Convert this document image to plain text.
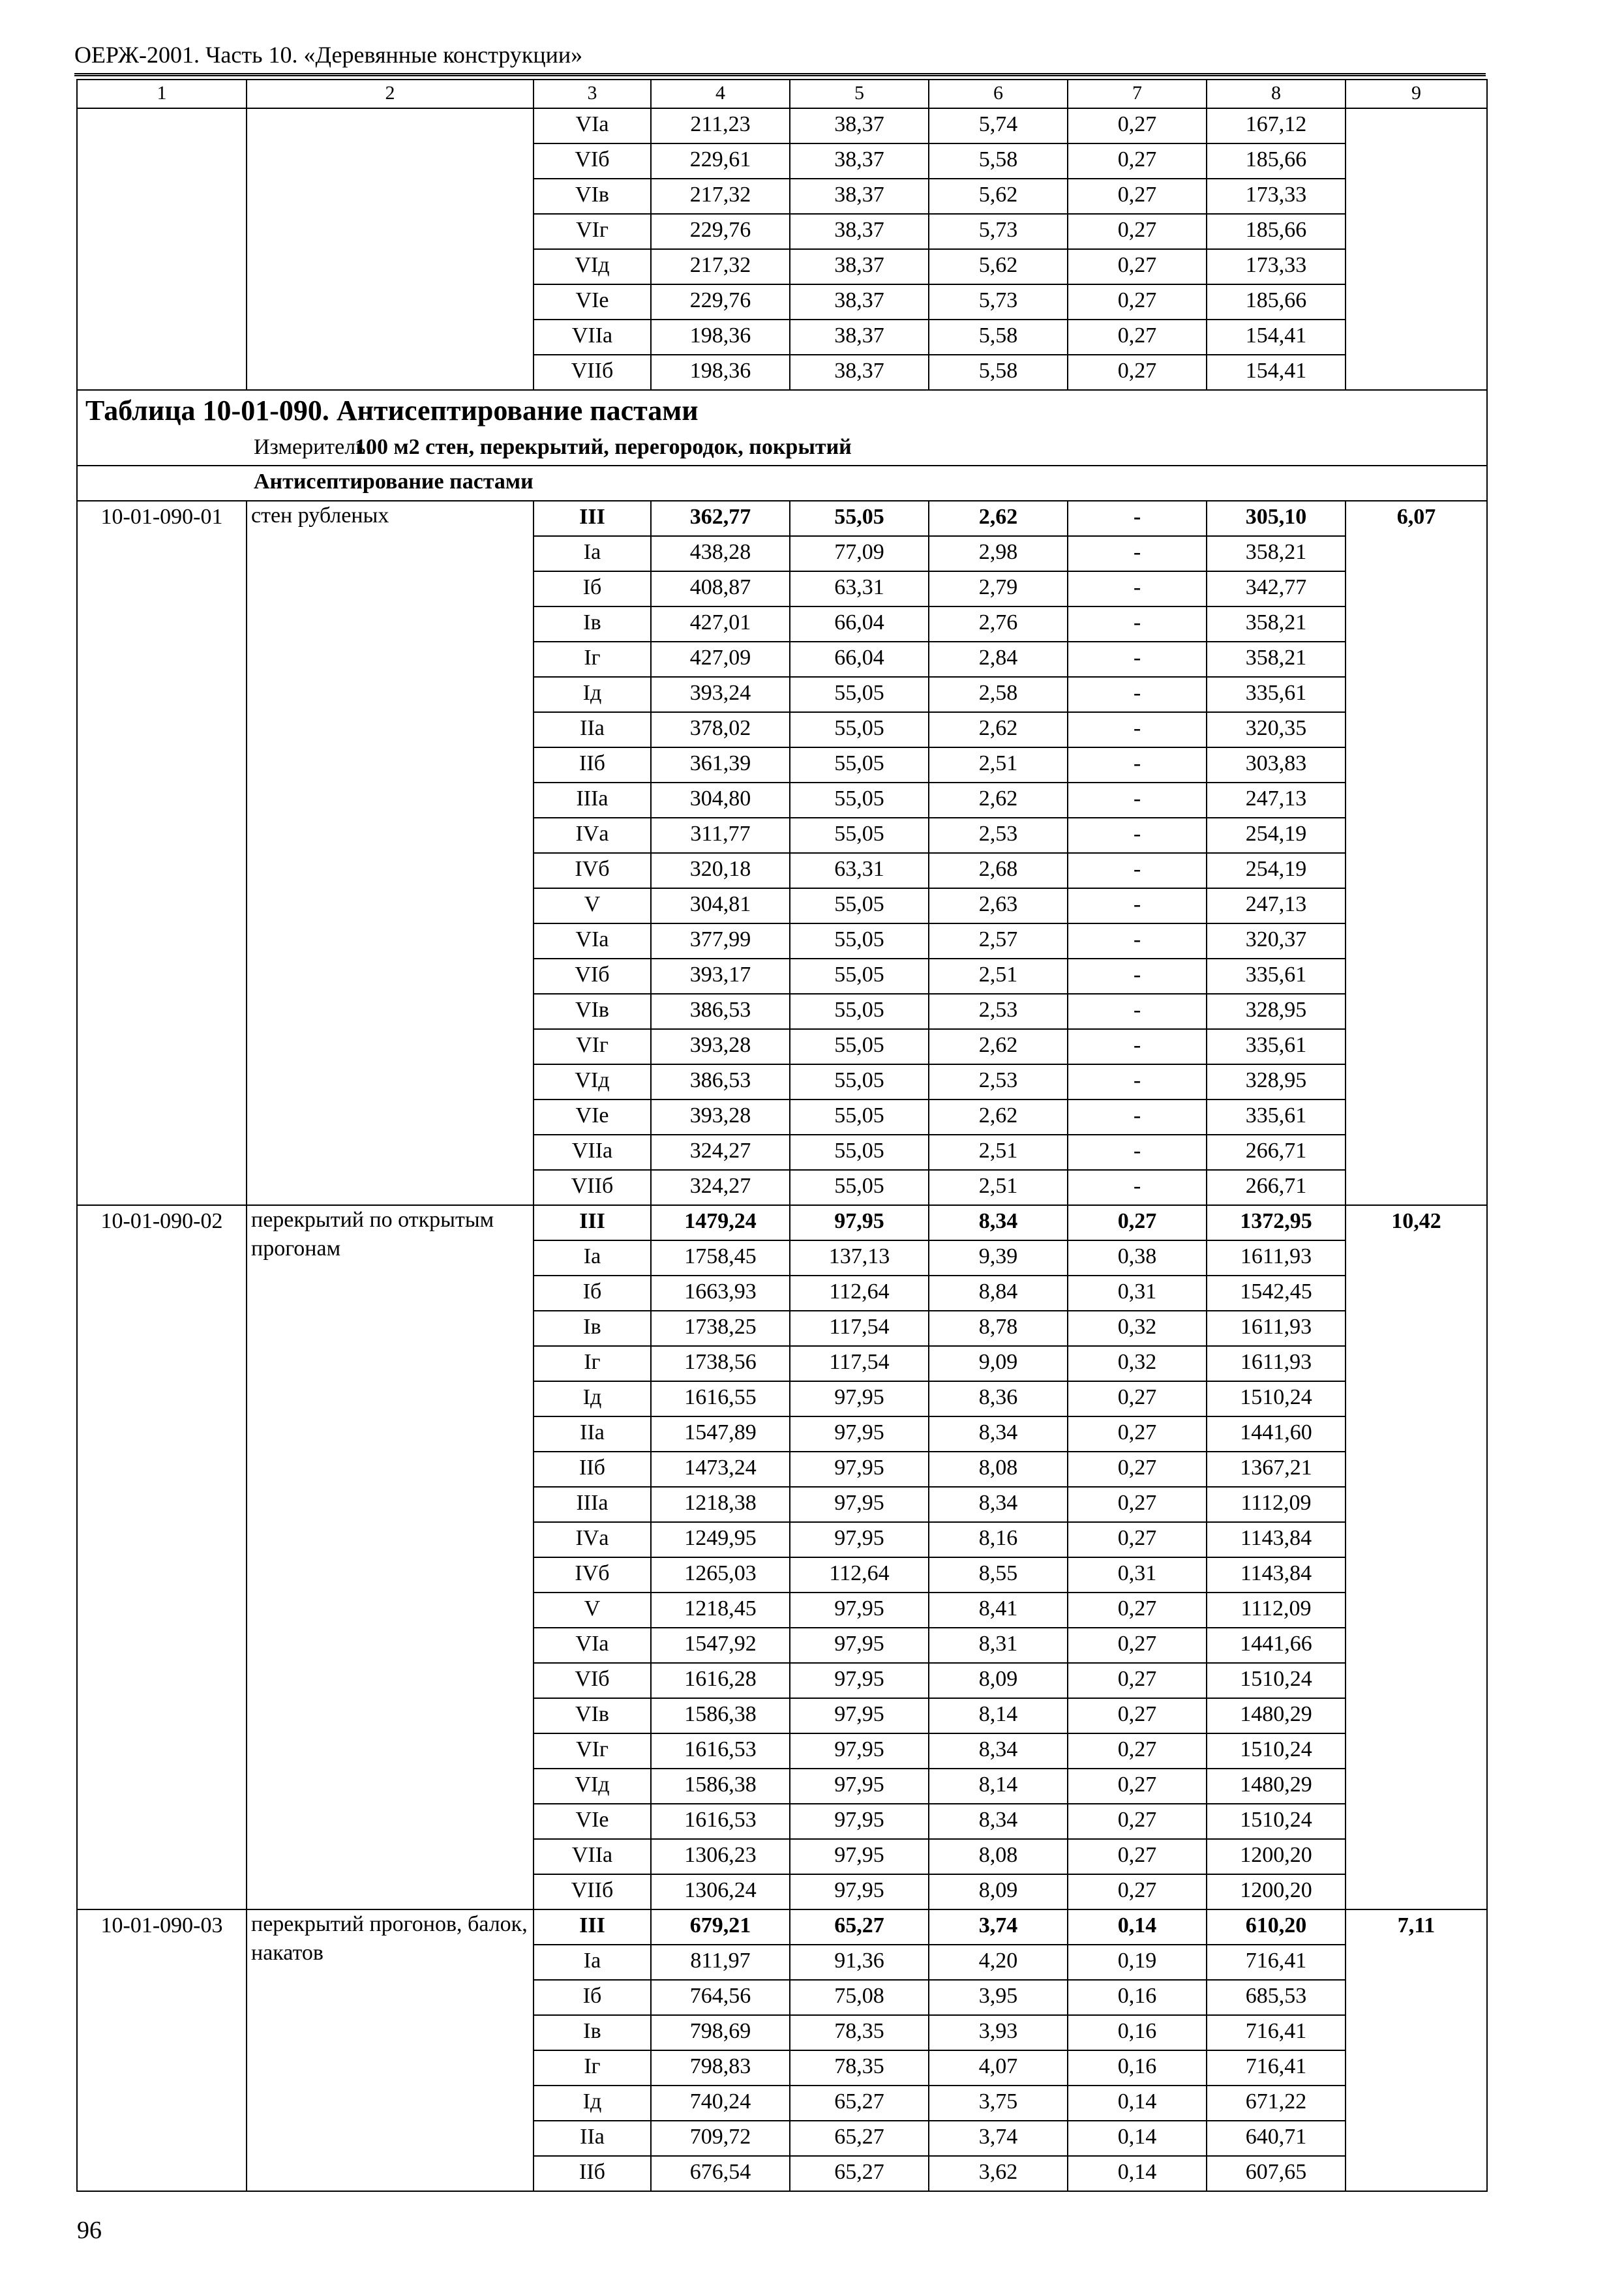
ОЕРЖ-2001. Часть 10. «Деревянные конструкции»
1	2	3	4	5	6	7	8	9
		VIа	211,23	38,37	5,74	0,27	167,12	
		VIб	229,61	38,37	5,58	0,27	185,66	
		VIв	217,32	38,37	5,62	0,27	173,33	
		VIг	229,76	38,37	5,73	0,27	185,66	
		VIд	217,32	38,37	5,62	0,27	173,33	
		VIе	229,76	38,37	5,73	0,27	185,66	
		VIIа	198,36	38,37	5,58	0,27	154,41	
		VIIб	198,36	38,37	5,58	0,27	154,41	
Таблица 10-01-090. Антисептирование пастами								
Измеритель:100 м2 стен, перекрытий, перегородок, покрытий								
Антисептирование пастами								
10-01-090-01	стен рубленых	III	362,77	55,05	2,62	-	305,10	6,07
		Iа	438,28	77,09	2,98	-	358,21	
		Iб	408,87	63,31	2,79	-	342,77	
		Iв	427,01	66,04	2,76	-	358,21	
		Iг	427,09	66,04	2,84	-	358,21	
		Iд	393,24	55,05	2,58	-	335,61	
		IIа	378,02	55,05	2,62	-	320,35	
		IIб	361,39	55,05	2,51	-	303,83	
		IIIа	304,80	55,05	2,62	-	247,13	
		IVа	311,77	55,05	2,53	-	254,19	
		IVб	320,18	63,31	2,68	-	254,19	
		V	304,81	55,05	2,63	-	247,13	
		VIа	377,99	55,05	2,57	-	320,37	
		VIб	393,17	55,05	2,51	-	335,61	
		VIв	386,53	55,05	2,53	-	328,95	
		VIг	393,28	55,05	2,62	-	335,61	
		VIд	386,53	55,05	2,53	-	328,95	
		VIе	393,28	55,05	2,62	-	335,61	
		VIIа	324,27	55,05	2,51	-	266,71	
		VIIб	324,27	55,05	2,51	-	266,71	
10-01-090-02	перекрытий по открытым прогонам	III	1479,24	97,95	8,34	0,27	1372,95	10,42
		Iа	1758,45	137,13	9,39	0,38	1611,93	
		Iб	1663,93	112,64	8,84	0,31	1542,45	
		Iв	1738,25	117,54	8,78	0,32	1611,93	
		Iг	1738,56	117,54	9,09	0,32	1611,93	
		Iд	1616,55	97,95	8,36	0,27	1510,24	
		IIа	1547,89	97,95	8,34	0,27	1441,60	
		IIб	1473,24	97,95	8,08	0,27	1367,21	
		IIIа	1218,38	97,95	8,34	0,27	1112,09	
		IVа	1249,95	97,95	8,16	0,27	1143,84	
		IVб	1265,03	112,64	8,55	0,31	1143,84	
		V	1218,45	97,95	8,41	0,27	1112,09	
		VIа	1547,92	97,95	8,31	0,27	1441,66	
		VIб	1616,28	97,95	8,09	0,27	1510,24	
		VIв	1586,38	97,95	8,14	0,27	1480,29	
		VIг	1616,53	97,95	8,34	0,27	1510,24	
		VIд	1586,38	97,95	8,14	0,27	1480,29	
		VIе	1616,53	97,95	8,34	0,27	1510,24	
		VIIа	1306,23	97,95	8,08	0,27	1200,20	
		VIIб	1306,24	97,95	8,09	0,27	1200,20	
10-01-090-03	перекрытий прогонов, балок, накатов	III	679,21	65,27	3,74	0,14	610,20	7,11
		Iа	811,97	91,36	4,20	0,19	716,41	
		Iб	764,56	75,08	3,95	0,16	685,53	
		Iв	798,69	78,35	3,93	0,16	716,41	
		Iг	798,83	78,35	4,07	0,16	716,41	
		Iд	740,24	65,27	3,75	0,14	671,22	
		IIа	709,72	65,27	3,74	0,14	640,71	
		IIб	676,54	65,27	3,62	0,14	607,65	
96
